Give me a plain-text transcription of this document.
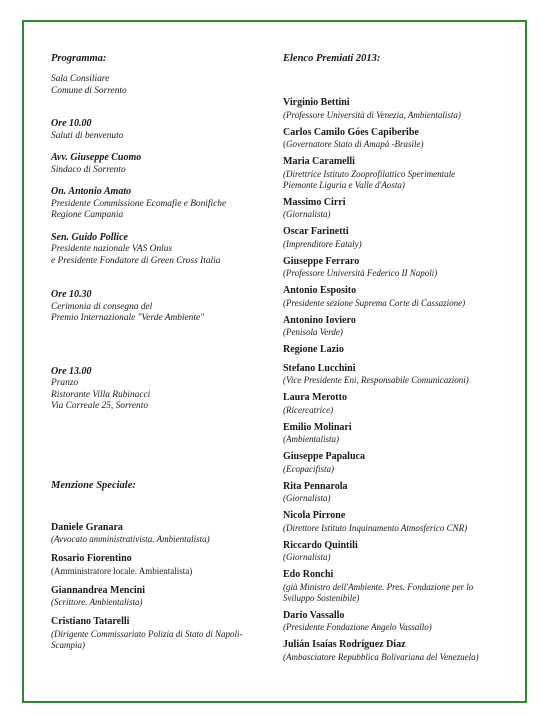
Programma:

Sala Consiliare

Comune di Sorrento

Ore 10.00

Saluti di benvenuto

Avv. Giuseppe Cuomo

Sindaco di Sorrento

On. Antonio Amato

Presidente Commissione Ecomafie e Bonifiche

Regione Campania

Sen. Guido Pollice

Presidente nazionale VAS Onlus

e Presidente Fondatore di Green Cross Italia

Ore 10.30

Cerimonia di consegna del

Premio Internazionale "Verde Ambiente"

Ore 13.00

Pranzo

Ristorante Villa Rubinacci

Via Correale 25, Sorrento

Menzione Speciale:

Daniele Granara

(Avvocato amministrativista. Ambientalista)

Rosario Fiorentino

(Amministratore locale. Ambientalista)

Giannandrea Mencini

(Scrittore. Ambientalista)

Cristiano Tatarelli

(Dirigente Commissariato Polizia di Stato di Napoli-

Scampia)

Elenco Premiati 2013:

Virginio Bettini

(Professore Università di Venezia, Ambientalista)

Carlos Camilo Góes Capiberibe

(Governatore Stato di Amapá -Brasile)

Maria Caramelli

(Direttrice Istituto Zooprofilattico Sperimentale

Piemonte Liguria e Valle d'Aosta)

Massimo Cirri

(Giornalista)

Oscar Farinetti

(Imprenditore Eataly)

Giuseppe Ferraro

(Professore Università Federico II Napoli)

Antonio Esposito

(Presidente sezione Suprema Corte di Cassazione)

Antonino Ioviero

(Penisola Verde)

Regione Lazio

Stefano Lucchini

(Vice Presidente Eni, Responsabile Comunicazioni)

Laura Merotto

(Ricercatrice)

Emilio Molinari

(Ambientalista)

Giuseppe Papaluca

(Ecopacifista)

Rita Pennarola

(Giornalista)

Nicola Pirrone

(Direttore Istituto Inquinamento Atmosferico CNR)

Riccardo Quintili

(Giornalista)

Edo Ronchi

(già Ministro dell'Ambiente. Pres. Fondazione per lo

Sviluppo Sostenibile)

Dario Vassallo

(Presidente Fondazione Angelo Vassallo)

Julián Isaías Rodríguez Díaz

(Ambasciatore Repubblica Bolivariana del Venezuela)
